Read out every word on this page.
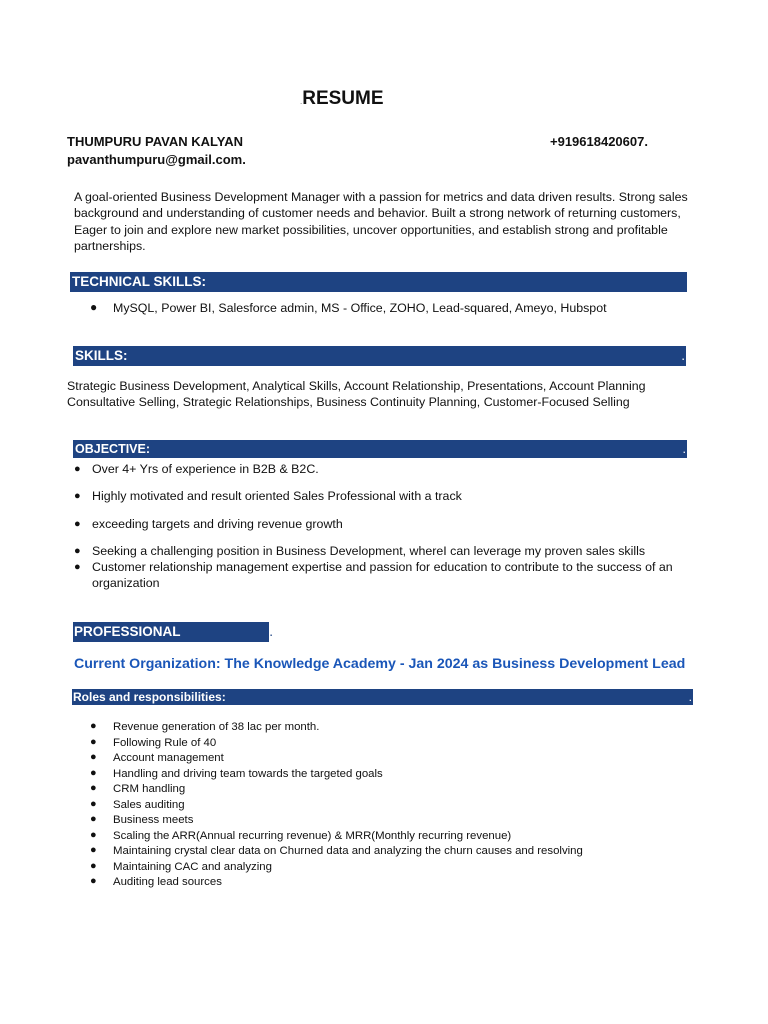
.RESUME
THUMPURU PAVAN KALYAN	+919618420607.
pavanthumpuru@gmail.com.
A goal-oriented Business Development Manager with a passion for metrics and data driven results. Strong sales background and understanding of customer needs and behavior. Built a strong network of returning customers, Eager to join and explore new market possibilities, uncover opportunities, and establish strong and profitable partnerships.
TECHNICAL SKILLS:
● MySQL, Power BI, Salesforce admin, MS - Office, ZOHO, Lead-squared, Ameyo, Hubspot
SKILLS:	.
Strategic Business Development, Analytical Skills, Account Relationship, Presentations, Account Planning Consultative Selling, Strategic Relationships, Business Continuity Planning, Customer-Focused Selling
OBJECTIVE:	.
● Over 4+ Yrs of experience in B2B & B2C.
● Highly motivated and result oriented Sales Professional with a track
● exceeding targets and driving revenue growth
● Seeking a challenging position in Business Development, whereI can leverage my proven sales skills
● Customer relationship management expertise and passion for education to contribute to the success of an organization
PROFESSIONAL EXPERIENCE
.
Current Organization: The Knowledge Academy - Jan 2024 as Business Development Lead
Roles and responsibilities:	.
● Revenue generation of 38 lac per month.
● Following Rule of 40
● Account management
● Handling and driving team towards the targeted goals
● CRM handling
● Sales auditing
● Business meets
● Scaling the ARR(Annual recurring revenue) & MRR(Monthly recurring revenue)
● Maintaining crystal clear data on Churned data and analyzing the churn causes and resolving
● Maintaining CAC and analyzing
● Auditing lead sources
